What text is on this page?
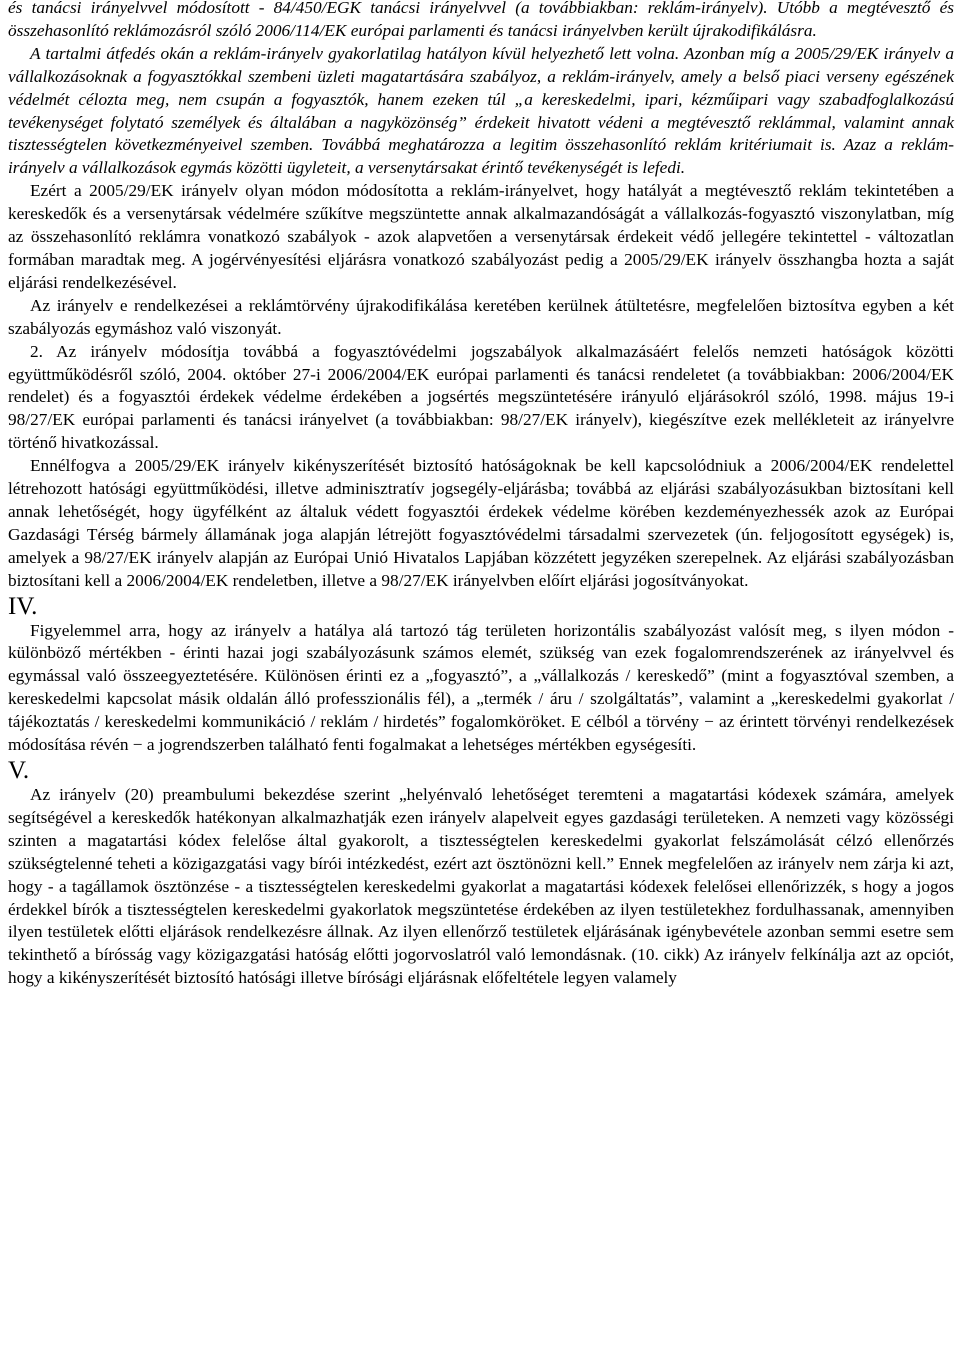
és tanácsi irányelvvel módosított - 84/450/EGK tanácsi irányelvvel (a továbbiakban: reklám-irányelv). Utóbb a megtévesztő és összehasonlító reklámozásról szóló 2006/114/EK európai parlamenti és tanácsi irányelvben került újrakodifikálásra.

A tartalmi átfedés okán a reklám-irányelv gyakorlatilag hatályon kívül helyezhető lett volna. Azonban míg a 2005/29/EK irányelv a vállalkozásoknak a fogyasztókkal szembeni üzleti magatartására szabályoz, a reklám-irányelv, amely a belső piaci verseny egészének védelmét célozta meg, nem csupán a fogyasztók, hanem ezeken túl „a kereskedelmi, ipari, kézműipari vagy szabadfoglalkozású tevékenységet folytató személyek és általában a nagyközönség” érdekeit hivatott védeni a megtévesztő reklámmal, valamint annak tisztességtelen következményeivel szemben. Továbbá meghatározza a legitim összehasonlító reklám kritériumait is. Azaz a reklám-irányelv a vállalkozások egymás közötti ügyleteit, a versenytársakat érintő tevékenységét is lefedi.

Ezért a 2005/29/EK irányelv olyan módon módosította a reklám-irányelvet, hogy hatályát a megtévesztő reklám tekintetében a kereskedők és a versenytársak védelmére szűkítve megszüntette annak alkalmazandóságát a vállalkozás-fogyasztó viszonylatban, míg az összehasonlító reklámra vonatkozó szabályok - azok alapvetően a versenytársak érdekeit védő jellegére tekintettel - változatlan formában maradtak meg. A jogérvényesítési eljárásra vonatkozó szabályozást pedig a 2005/29/EK irányelv összhangba hozta a saját eljárási rendelkezésével.

Az irányelv e rendelkezései a reklámtörvény újrakodifikálása keretében kerülnek átültetésre, megfelelően biztosítva egyben a két szabályozás egymáshoz való viszonyát.

2. Az irányelv módosítja továbbá a fogyasztóvédelmi jogszabályok alkalmazásáért felelős nemzeti hatóságok közötti együttműködésről szóló, 2004. október 27-i 2006/2004/EK európai parlamenti és tanácsi rendeletet (a továbbiakban: 2006/2004/EK rendelet) és a fogyasztói érdekek védelme érdekében a jogsértés megszüntetésére irányuló eljárásokról szóló, 1998. május 19-i 98/27/EK európai parlamenti és tanácsi irányelvet (a továbbiakban: 98/27/EK irányelv), kiegészítve ezek mellékleteit az irányelvre történő hivatkozással.

Ennélfogva a 2005/29/EK irányelv kikényszerítését biztosító hatóságoknak be kell kapcsolódniuk a 2006/2004/EK rendelettel létrehozott hatósági együttműködési, illetve adminisztratív jogsegély-eljárásba; továbbá az eljárási szabályozásukban biztosítani kell annak lehetőségét, hogy ügyfélként az általuk védett fogyasztói érdekek védelme körében kezdeményezhessék azok az Európai Gazdasági Térség bármely államának joga alapján létrejött fogyasztóvédelmi társadalmi szervezetek (ún. feljogosított egységek) is, amelyek a 98/27/EK irányelv alapján az Európai Unió Hivatalos Lapjában közzétett jegyzéken szerepelnek. Az eljárási szabályozásban biztosítani kell a 2006/2004/EK rendeletben, illetve a 98/27/EK irányelvben előírt eljárási jogosítványokat.

IV.

Figyelemmel arra, hogy az irányelv a hatálya alá tartozó tág területen horizontális szabályozást valósít meg, s ilyen módon - különböző mértékben - érinti hazai jogi szabályozásunk számos elemét, szükség van ezek fogalomrendszerének az irányelvvel és egymással való összeegyeztetésére. Különösen érinti ez a „fogyasztó”, a „vállalkozás / kereskedő” (mint a fogyasztóval szemben, a kereskedelmi kapcsolat másik oldalán álló professzionális fél), a „termék / áru / szolgáltatás”, valamint a „kereskedelmi gyakorlat / tájékoztatás / kereskedelmi kommunikáció / reklám / hirdetés” fogalomköröket. E célból a törvény − az érintett törvényi rendelkezések módosítása révén − a jogrendszerben található fenti fogalmakat a lehetséges mértékben egységesíti.

V.

Az irányelv (20) preambulumi bekezdése szerint „helyénvaló lehetőséget teremteni a magatartási kódexek számára, amelyek segítségével a kereskedők hatékonyan alkalmazhatják ezen irányelv alapelveit egyes gazdasági területeken. A nemzeti vagy közösségi szinten a magatartási kódex felelőse által gyakorolt, a tisztességtelen kereskedelmi gyakorlat felszámolását célzó ellenőrzés szükségtelenné teheti a közigazgatási vagy bírói intézkedést, ezért azt ösztönözni kell.” Ennek megfelelően az irányelv nem zárja ki azt, hogy - a tagállamok ösztönzése - a tisztességtelen kereskedelmi gyakorlat a magatartási kódexek felelősei ellenőrizzék, s hogy a jogos érdekkel bírók a tisztességtelen kereskedelmi gyakorlatok megszüntetése érdekében az ilyen testületekhez fordulhassanak, amennyiben ilyen testületek előtti eljárások rendelkezésre állnak. Az ilyen ellenőrző testületek eljárásának igénybevétele azonban semmi esetre sem tekinthető a bírósság vagy közigazgatási hatóság előtti jogorvoslatról való lemondásnak. (10. cikk) Az irányelv felkínálja azt az opciót, hogy a kikényszerítését biztosító hatósági illetve bírósági eljárásnak előfeltétele legyen valamely
